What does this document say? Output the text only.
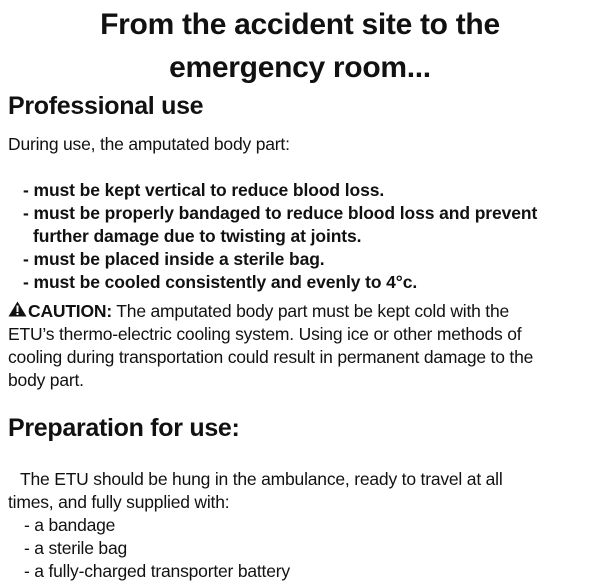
From the accident site to the
emergency room...
Professional use
During use, the amputated body part:
- must be kept vertical to reduce blood loss.
- must be properly bandaged to reduce blood loss and prevent
further damage due to twisting at joints.
- must be placed inside a sterile bag.
- must be cooled consistently and evenly to 4°c.
CAUTION: The amputated body part must be kept cold with the
ETU’s thermo-electric cooling system. Using ice or other methods of
cooling during transportation could result in permanent damage to the
body part.
Preparation for use:
The ETU should be hung in the ambulance, ready to travel at all
times, and fully supplied with:
- a bandage
- a sterile bag
- a fully-charged transporter battery
